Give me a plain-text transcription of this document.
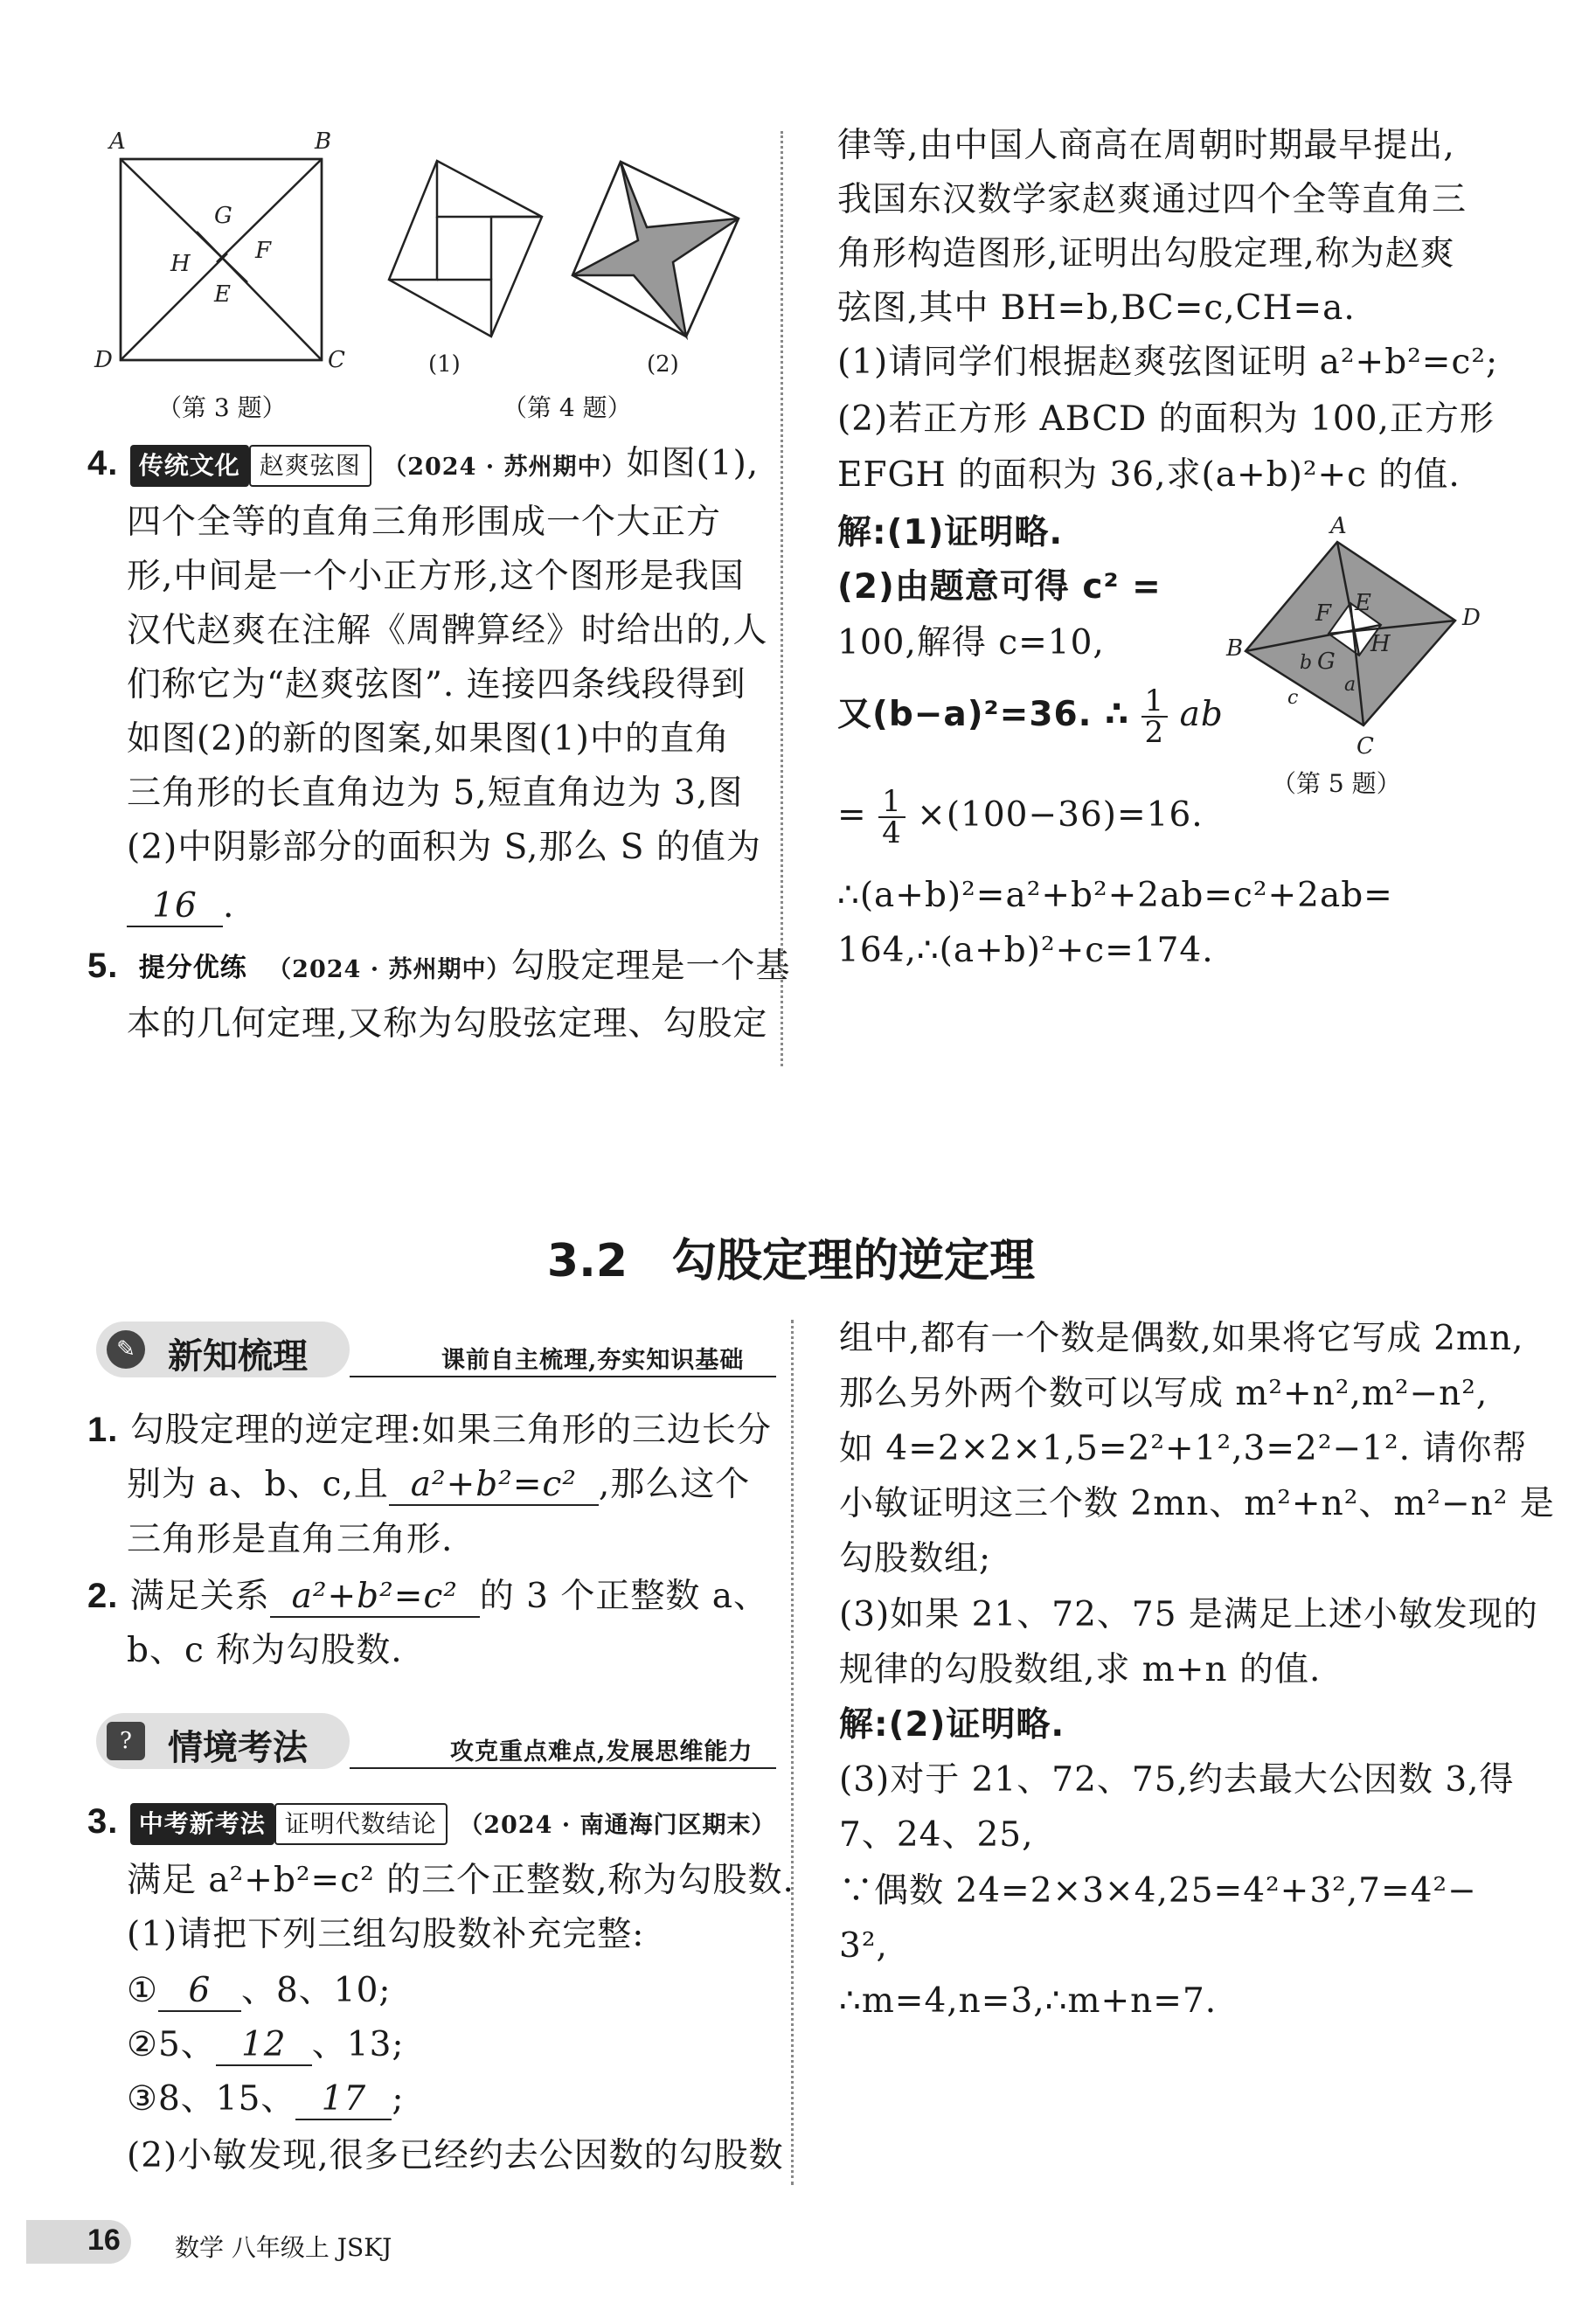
A	B
C
D
E
F
G
H
(1)	(2)
（第 3 题）	（第 4 题）
4. 传统文化 赵爽弦图 （2024 · 苏州期中）如图(1),
四个全等的直角三角形围成一个大正方
形,中间是一个小正方形,这个图形是我国
汉代赵爽在注解《周髀算经》时给出的,人
们称它为“赵爽弦图”. 连接四条线段得到
如图(2)的新的图案,如果图(1)中的直角
三角形的长直角边为 5,短直角边为 3,图
(2)中阴影部分的面积为 S,那么 S 的值为
16 .
5. 提分优练 （2024 · 苏州期中）勾股定理是一个基
本的几何定理,又称为勾股弦定理、勾股定
律等,由中国人商高在周朝时期最早提出,
我国东汉数学家赵爽通过四个全等直角三
角形构造图形,证明出勾股定理,称为赵爽
弦图,其中 BH=b,BC=c,CH=a.
(1)请同学们根据赵爽弦图证明 a²+b²=c²;
(2)若正方形 ABCD 的面积为 100,正方形
EFGH 的面积为 36,求(a+b)²+c 的值.
解:(1)证明略.
(2)由题意可得 c² =
100,解得 c=10,
又(b−a)²=36. ∴ $\frac{1}{2}$ ab
= $\frac{1}{4} \times(100-36)=16$.
∴(a+b)²=a²+b²+2ab=c²+2ab=
164,∴(a+b)²+c=174.
A
B
C
D
E
F
G
H
a
b
c
（第 5 题）
3.2 勾股定理的逆定理
✎ 新知梳理	课前自主梳理,夯实知识基础
1. 勾股定理的逆定理:如果三角形的三边长分
别为 a、b、c,且 a²+b²=c² ,那么这个
三角形是直角三角形.
2. 满足关系 a²+b²=c² 的 3 个正整数 a、
b、c 称为勾股数.
?	情境考法	攻克重点难点,发展思维能力
3. 中考新考法 证明代数结论 （2024 · 南通海门区期末）
满足 a²+b²=c² 的三个正整数,称为勾股数.
(1)请把下列三组勾股数补充完整:
① 6 、8、10;
②5、 12 、13;
③8、15、 17 ;
(2)小敏发现,很多已经约去公因数的勾股数
组中,都有一个数是偶数,如果将它写成 2mn,
那么另外两个数可以写成 m²+n²,m²−n²,
如 4=2×2×1,5=2²+1²,3=2²−1². 请你帮
小敏证明这三个数 2mn、m²+n²、m²−n² 是
勾股数组;
(3)如果 21、72、75 是满足上述小敏发现的
规律的勾股数组,求 m+n 的值.
解:(2)证明略.
(3)对于 21、72、75,约去最大公因数 3,得
7、24、25,
∵偶数 24=2×3×4,25=4²+3²,7=4²−
3²,
∴m=4,n=3,∴m+n=7.
16 数学 八年级上 JSKJ
